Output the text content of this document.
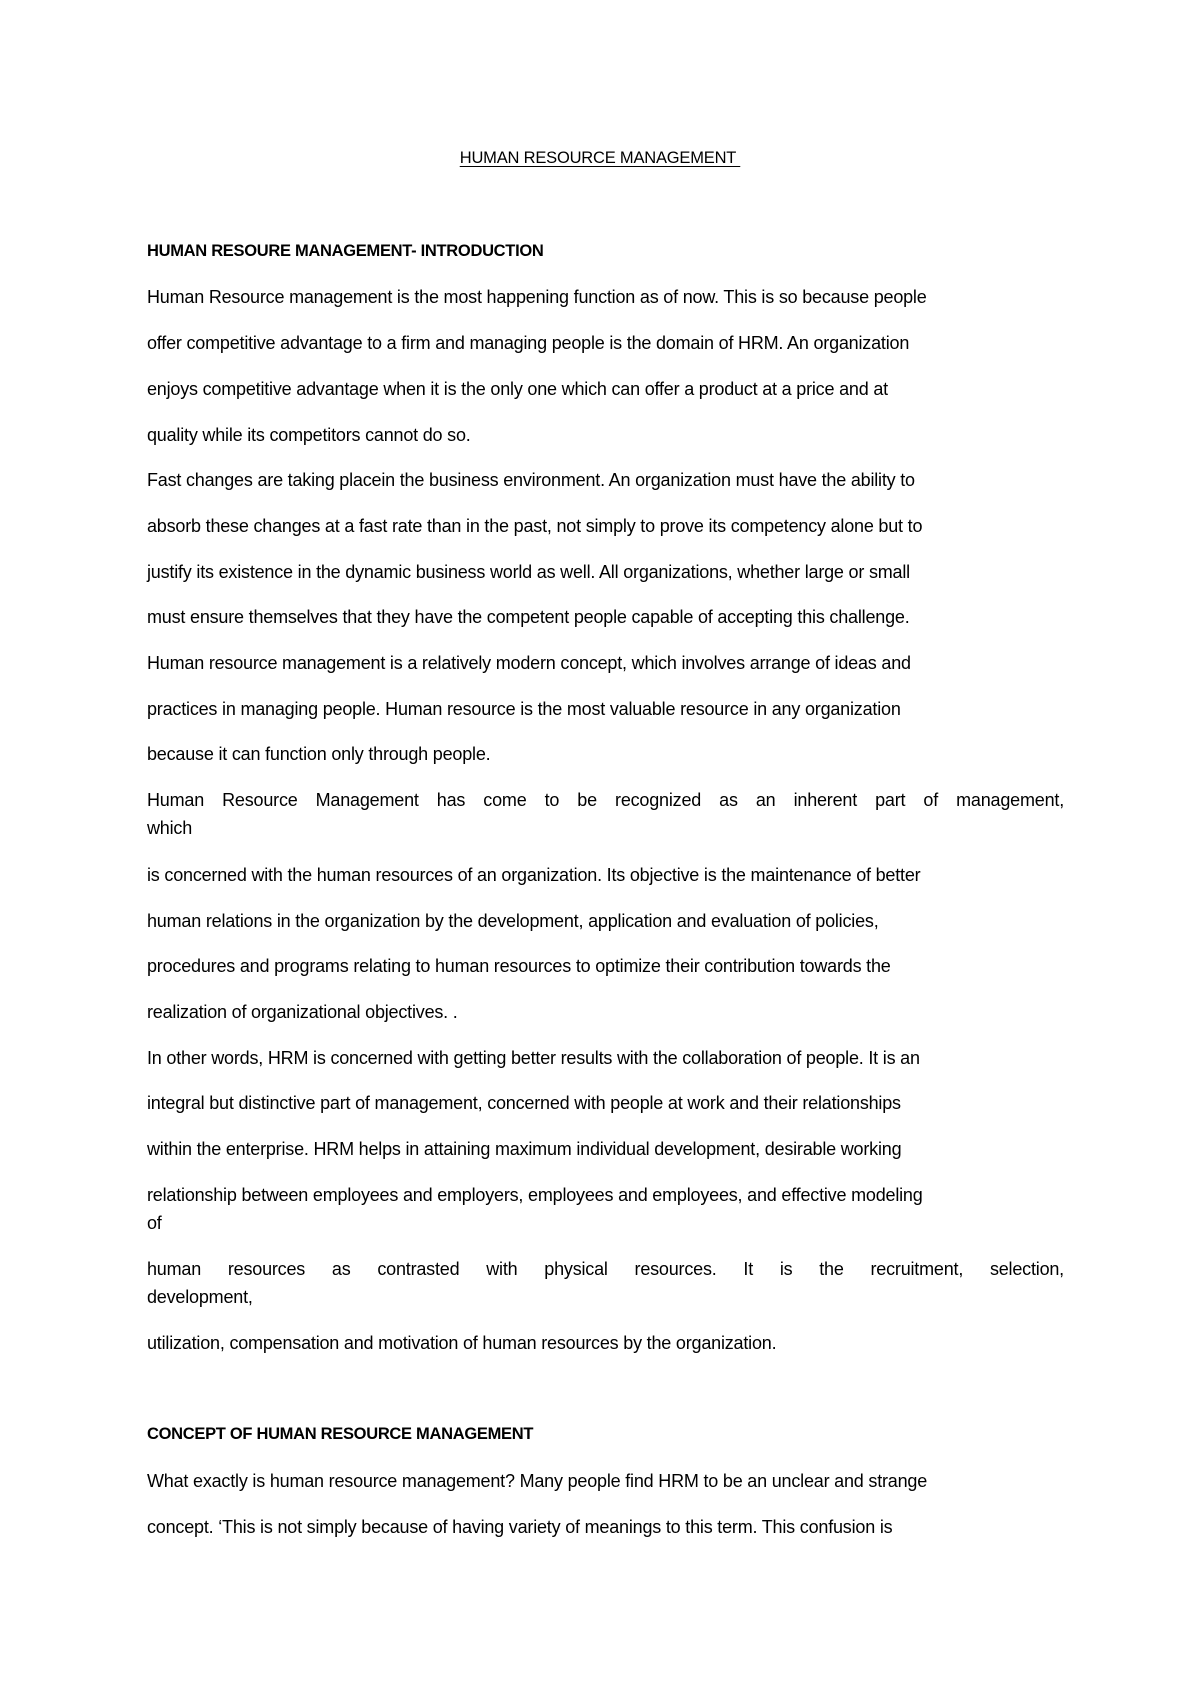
HUMAN RESOURCE MANAGEMENT
HUMAN RESOURE MANAGEMENT- INTRODUCTION
Human Resource management is the most happening function as of now. This is so because people
offer competitive advantage to a firm and managing people is the domain of HRM. An organization
enjoys competitive advantage when it is the only one which can offer a product at a price and at
quality while its competitors cannot do so.
Fast changes are taking placein the business environment. An organization must have the ability to
absorb these changes at a fast rate than in the past, not simply to prove its competency alone but to
justify its existence in the dynamic business world as well. All organizations, whether large or small
must ensure themselves that they have the competent people capable of accepting this challenge.
Human resource management is a relatively modern concept, which involves arrange of ideas and
practices in managing people. Human resource is the most valuable resource in any organization
because it can function only through people.
Human Resource Management has come to be recognized as an inherent part of management,
which
is concerned with the human resources of an organization. Its objective is the maintenance of better
human relations in the organization by the development, application and evaluation of policies,
procedures and programs relating to human resources to optimize their contribution towards the
realization of organizational objectives. .
In other words, HRM is concerned with getting better results with the collaboration of people. It is an
integral but distinctive part of management, concerned with people at work and their relationships
within the enterprise. HRM helps in attaining maximum individual development, desirable working
relationship between employees and employers, employees and employees, and effective modeling
of
human resources as contrasted with physical resources. It is the recruitment, selection,
development,
utilization, compensation and motivation of human resources by the organization.
CONCEPT OF HUMAN RESOURCE MANAGEMENT
What exactly is human resource management? Many people find HRM to be an unclear and strange
concept. ‘This is not simply because of having variety of meanings to this term. This confusion is
